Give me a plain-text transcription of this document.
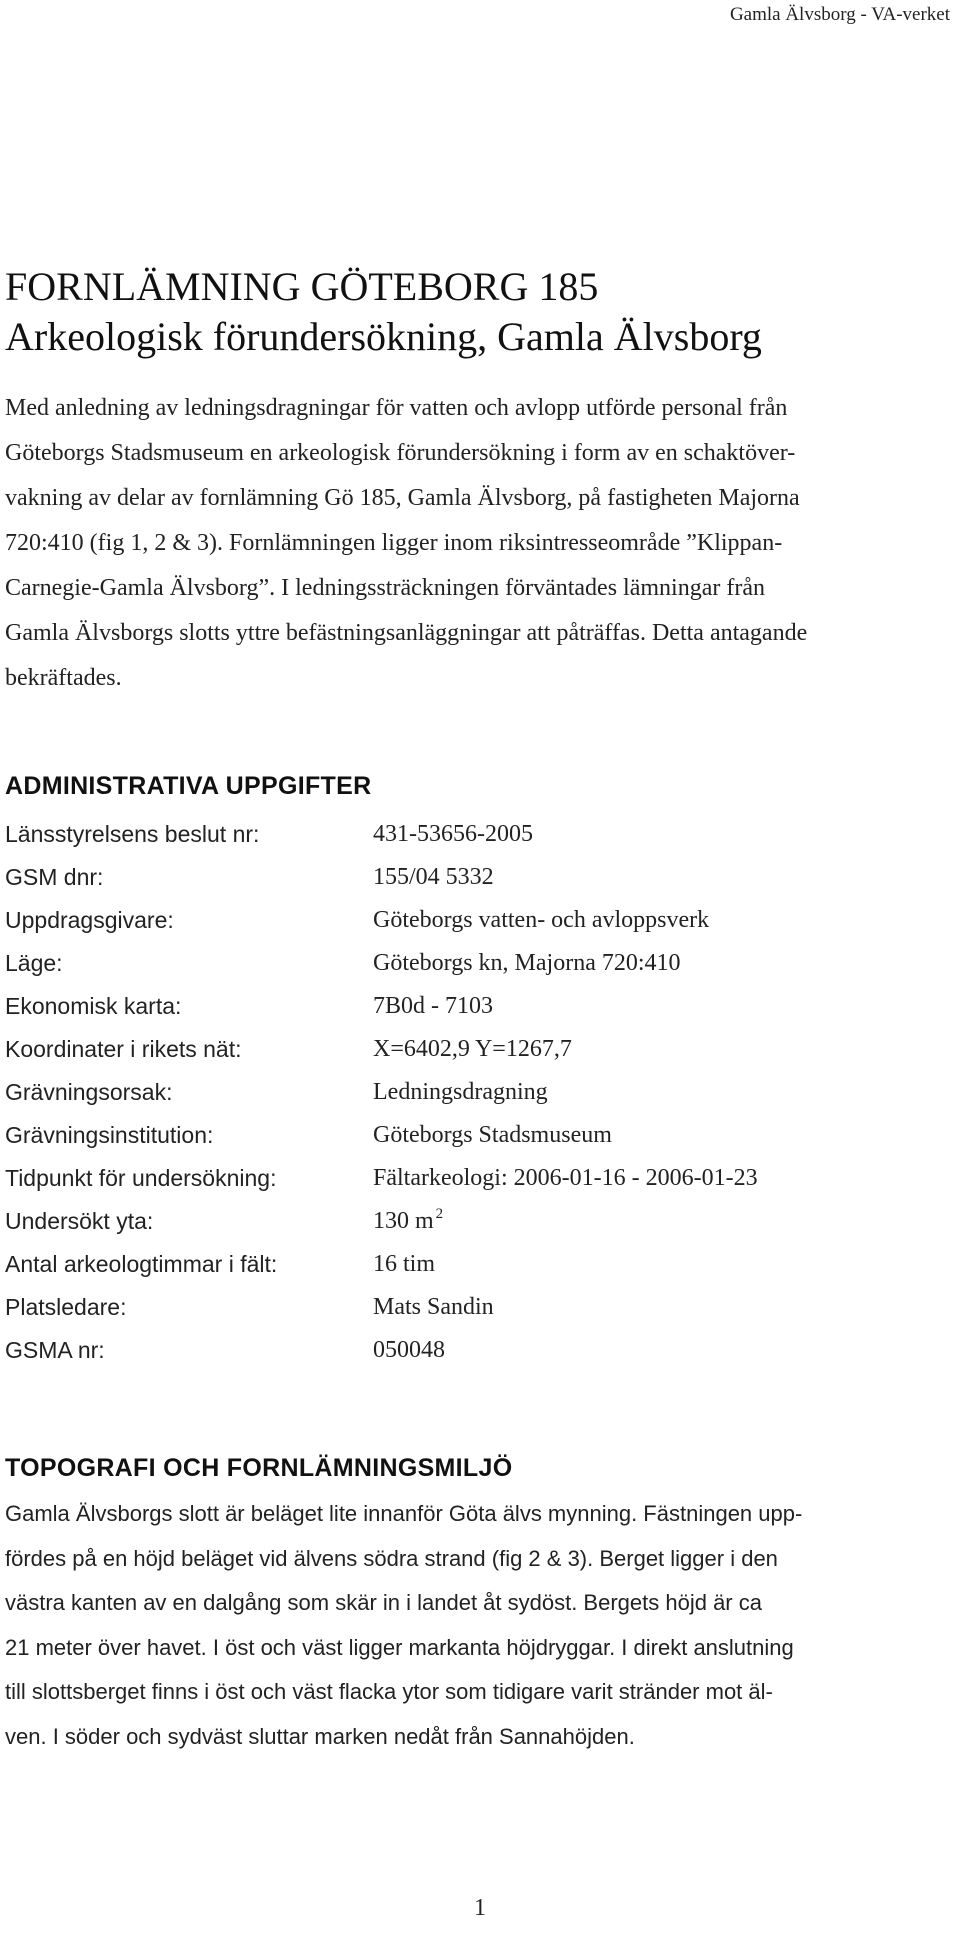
Gamla Älvsborg - VA-verket
FORNLÄMNING GÖTEBORG 185
Arkeologisk förundersökning, Gamla Älvsborg

Med anledning av ledningsdragningar för vatten och avlopp utförde personal från
Göteborgs Stadsmuseum en arkeologisk förundersökning i form av en schaktöver-
vakning av delar av fornlämning Gö 185, Gamla Älvsborg, på fastigheten Majorna
720:410 (fig 1, 2 & 3). Fornlämningen ligger inom riksintresseområde ”Klippan-
Carnegie-Gamla Älvsborg”. I ledningssträckningen förväntades lämningar från
Gamla Älvsborgs slotts yttre befästningsanläggningar att påträffas. Detta antagande
bekräftades.

ADMINISTRATIVA UPPGIFTER
Länsstyrelsens beslut nr:	431-53656-2005
GSM dnr:	155/04 5332
Uppdragsgivare:	Göteborgs vatten- och avloppsverk
Läge:	Göteborgs kn, Majorna 720:410
Ekonomisk karta:	7B0d - 7103
Koordinater i rikets nät:	X=6402,9 Y=1267,7
Grävningsorsak:	Ledningsdragning
Grävningsinstitution:	Göteborgs Stadsmuseum
Tidpunkt för undersökning:	Fältarkeologi: 2006-01-16 - 2006-01-23
Undersökt yta:	130 m $^2$
Antal arkeologtimmar i fält:	16 tim
Platsledare:	Mats Sandin
GSMA nr:	050048
TOPOGRAFI OCH FORNLÄMNINGSMILJÖ

Gamla Älvsborgs slott är beläget lite innanför Göta älvs mynning. Fästningen upp-
fördes på en höjd beläget vid älvens södra strand (fig 2 & 3). Berget ligger i den
västra kanten av en dalgång som skär in i landet åt sydöst. Bergets höjd är ca
21 meter över havet. I öst och väst ligger markanta höjdryggar. I direkt anslutning
till slottsberget finns i öst och väst flacka ytor som tidigare varit stränder mot äl-
ven. I söder och sydväst sluttar marken nedåt från Sannahöjden.

1
